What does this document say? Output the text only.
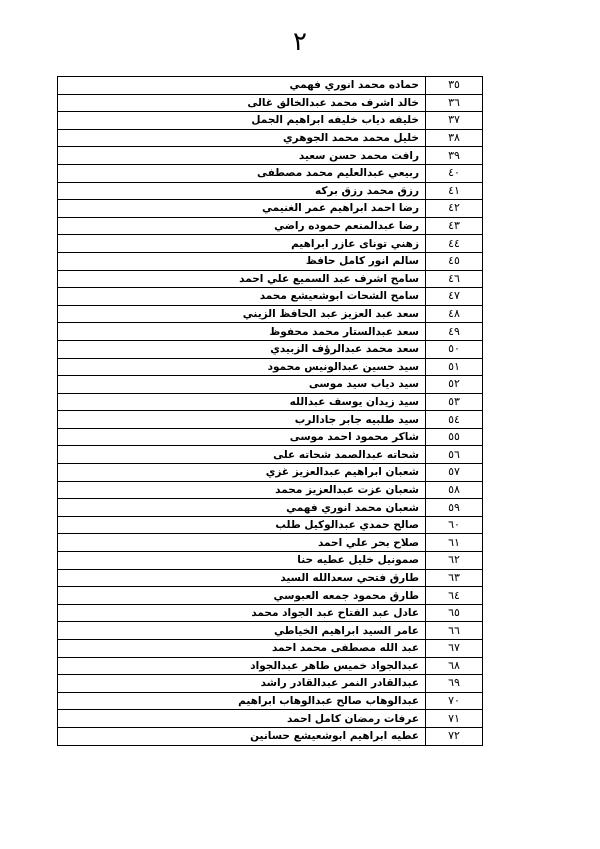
٢
٣٥	حماده محمد انوري فهمي
٣٦	خالد اشرف محمد عبدالخالق غالى
٣٧	خليفه دياب خليفه ابراهيم الجمل
٣٨	خليل محمد محمد الجوهري
٣٩	رافت محمد حسن سعيد
٤٠	ربيعي عبدالعليم محمد مصطفى
٤١	رزق محمد رزق بركه
٤٢	رضا احمد ابراهيم عمر الغنيمي
٤٣	رضا عبدالمنعم حموده راضي
٤٤	زهني تونای عازر ابراهيم
٤٥	سالم انور كامل حافظ
٤٦	سامح اشرف عبد السميع علي احمد
٤٧	سامح الشحات ابوشعيشع محمد
٤٨	سعد عبد العزيز عبد الحافظ الزيني
٤٩	سعد عبدالستار محمد محفوظ
٥٠	سعد محمد عبدالرؤف الزبيدي
٥١	سيد حسين عبدالونيس محمود
٥٢	سيد دياب سيد موسى
٥٣	سيد زيدان يوسف عبدالله
٥٤	سيد طلبيه جابر جادالرب
٥٥	شاكر محمود احمد موسى
٥٦	شحاته عبدالصمد شحاته على
٥٧	شعبان ابراهيم عبدالعزيز غزي
٥٨	شعبان عزت عبدالعزيز محمد
٥٩	شعبان محمد انوري فهمي
٦٠	صالح حمدي عبدالوكيل طلب
٦١	صلاح بحر علي احمد
٦٢	صمونيل خليل عطيه حنا
٦٣	طارق فتحي سعدالله السيد
٦٤	طارق محمود جمعه العبوسي
٦٥	عادل عبد الفتاح عبد الجواد محمد
٦٦	عامر السيد ابراهيم الخياطي
٦٧	عبد الله مصطفى محمد احمد
٦٨	عبدالجواد خميس طاهر عبدالجواد
٦٩	عبدالقادر النمر عبدالقادر راشد
٧٠	عبدالوهاب صالح عبدالوهاب ابراهيم
٧١	عرفات رمضان كامل احمد
٧٢	عطيه ابراهيم ابوشعيشع حسانين
